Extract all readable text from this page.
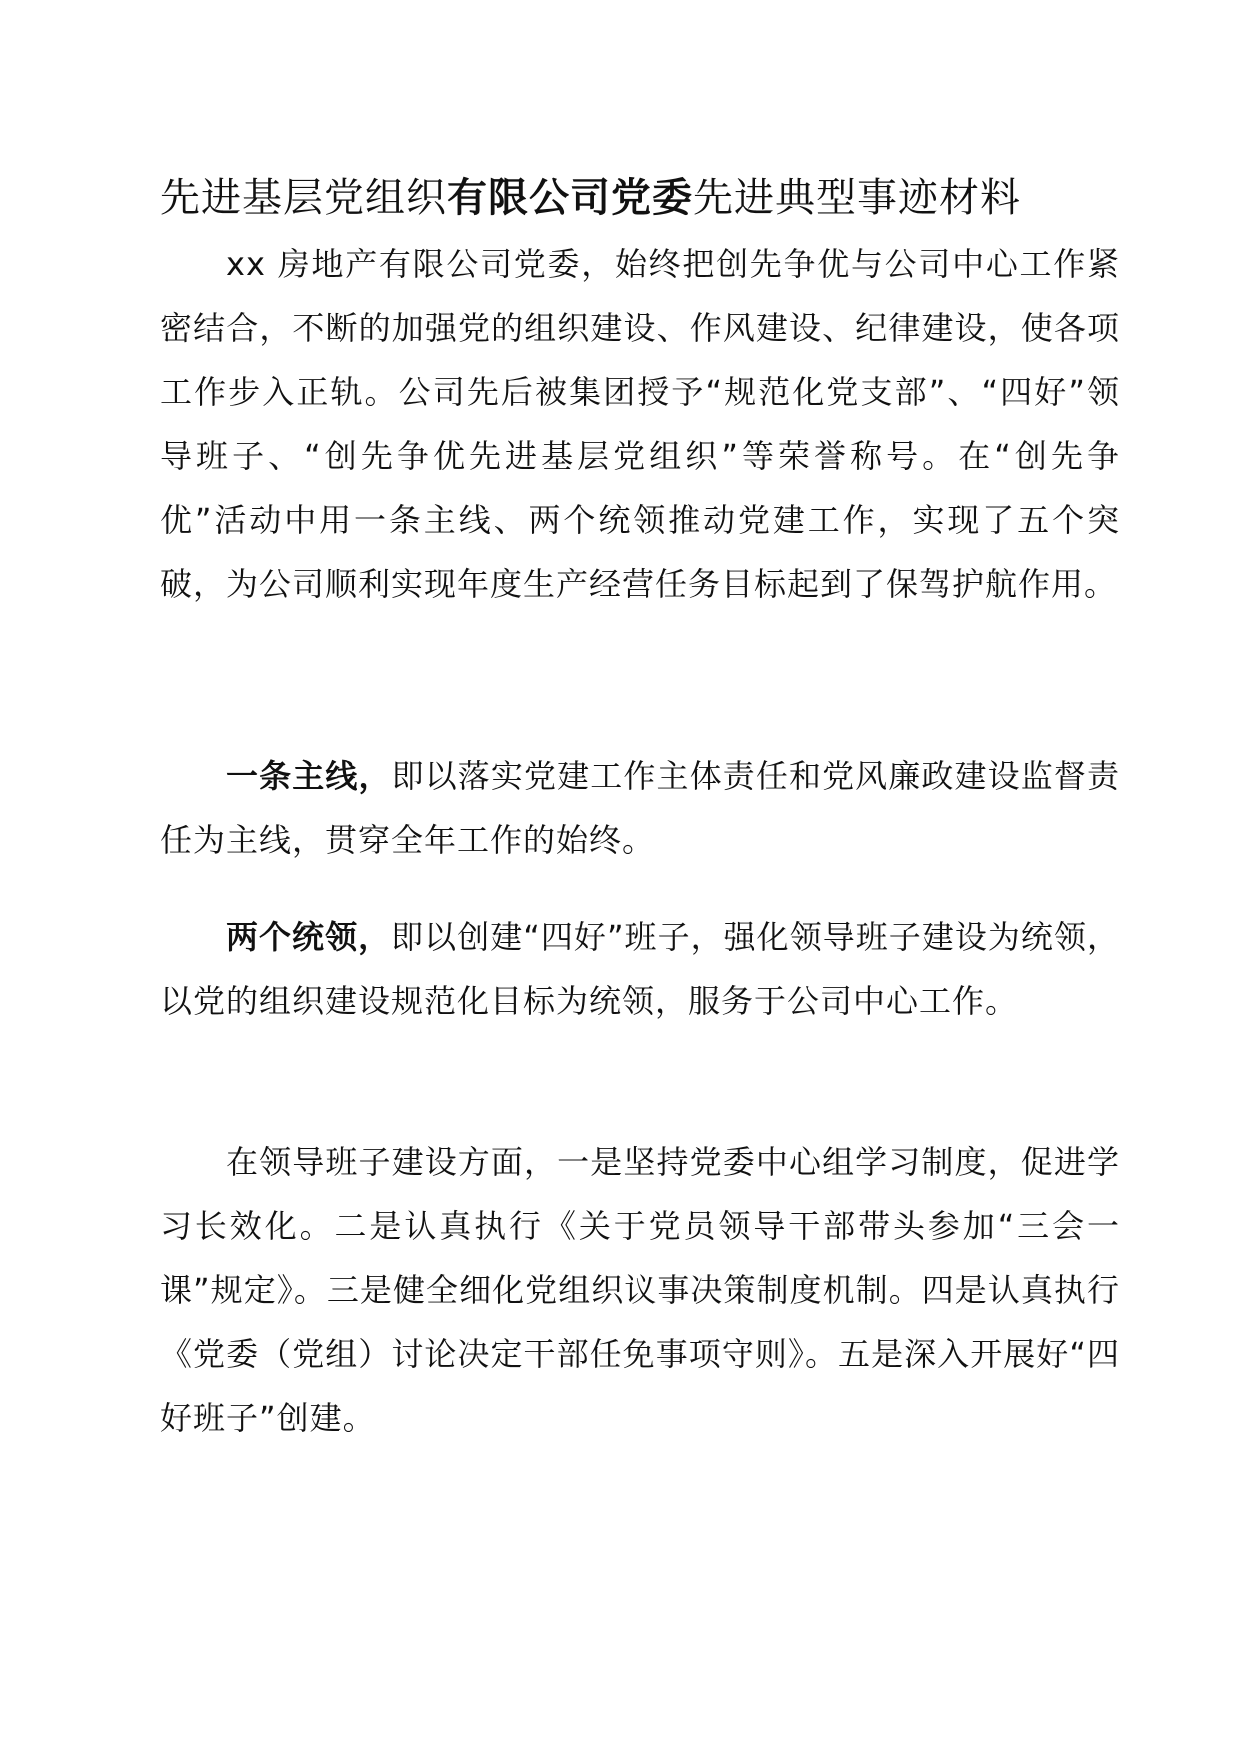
先进基层党组织有限公司党委先进典型事迹材料

xx 房地产有限公司党委，始终把创先争优与公司中心工作紧密结合，不断的加强党的组织建设、作风建设、纪律建设，使各项工作步入正轨。公司先后被集团授予“规范化党支部”、“四好”领导班子、“创先争优先进基层党组织”等荣誉称号。在“创先争优”活动中用一条主线、两个统领推动党建工作，实现了五个突破，为公司顺利实现年度生产经营任务目标起到了保驾护航作用。

一条主线，即以落实党建工作主体责任和党风廉政建设监督责任为主线，贯穿全年工作的始终。

两个统领，即以创建“四好”班子，强化领导班子建设为统领，以党的组织建设规范化目标为统领，服务于公司中心工作。

在领导班子建设方面，一是坚持党委中心组学习制度，促进学习长效化。二是认真执行《关于党员领导干部带头参加“三会一课”规定》。三是健全细化党组织议事决策制度机制。四是认真执行《党委（党组）讨论决定干部任免事项守则》。五是深入开展好“四好班子”创建。
